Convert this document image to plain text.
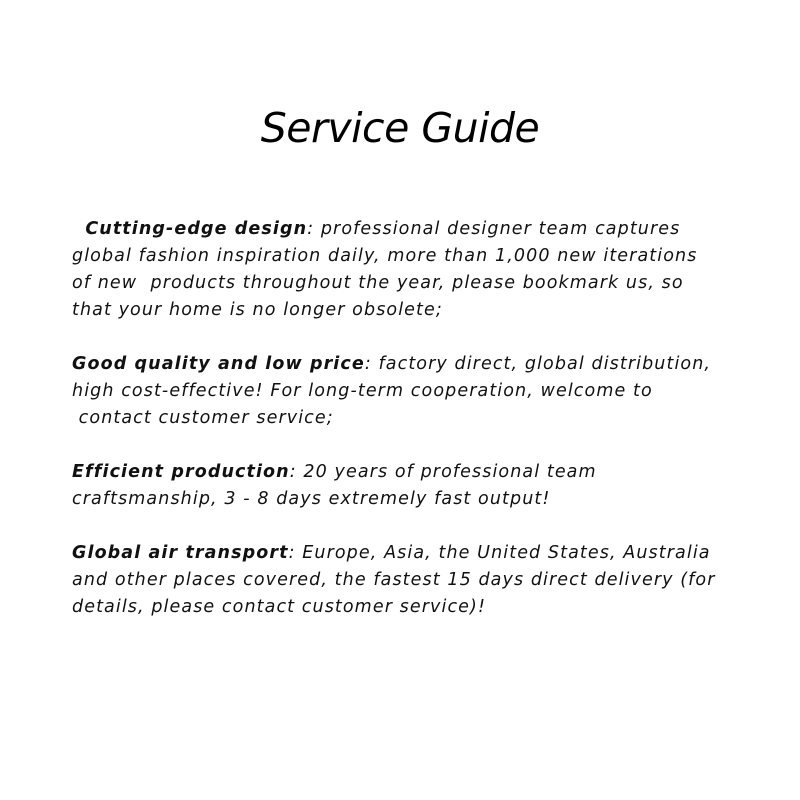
Service Guide
Cutting-edge design: professional designer team captures
global fashion inspiration daily, more than 1,000 new iterations
of new  products throughout the year, please bookmark us, so
that your home is no longer obsolete;
Good quality and low price: factory direct, global distribution,
high cost-effective! For long-term cooperation, welcome to
contact customer service;
Efficient production: 20 years of professional team
craftsmanship, 3 - 8 days extremely fast output!
Global air transport: Europe, Asia, the United States, Australia
and other places covered, the fastest 15 days direct delivery (for
details, please contact customer service)!
